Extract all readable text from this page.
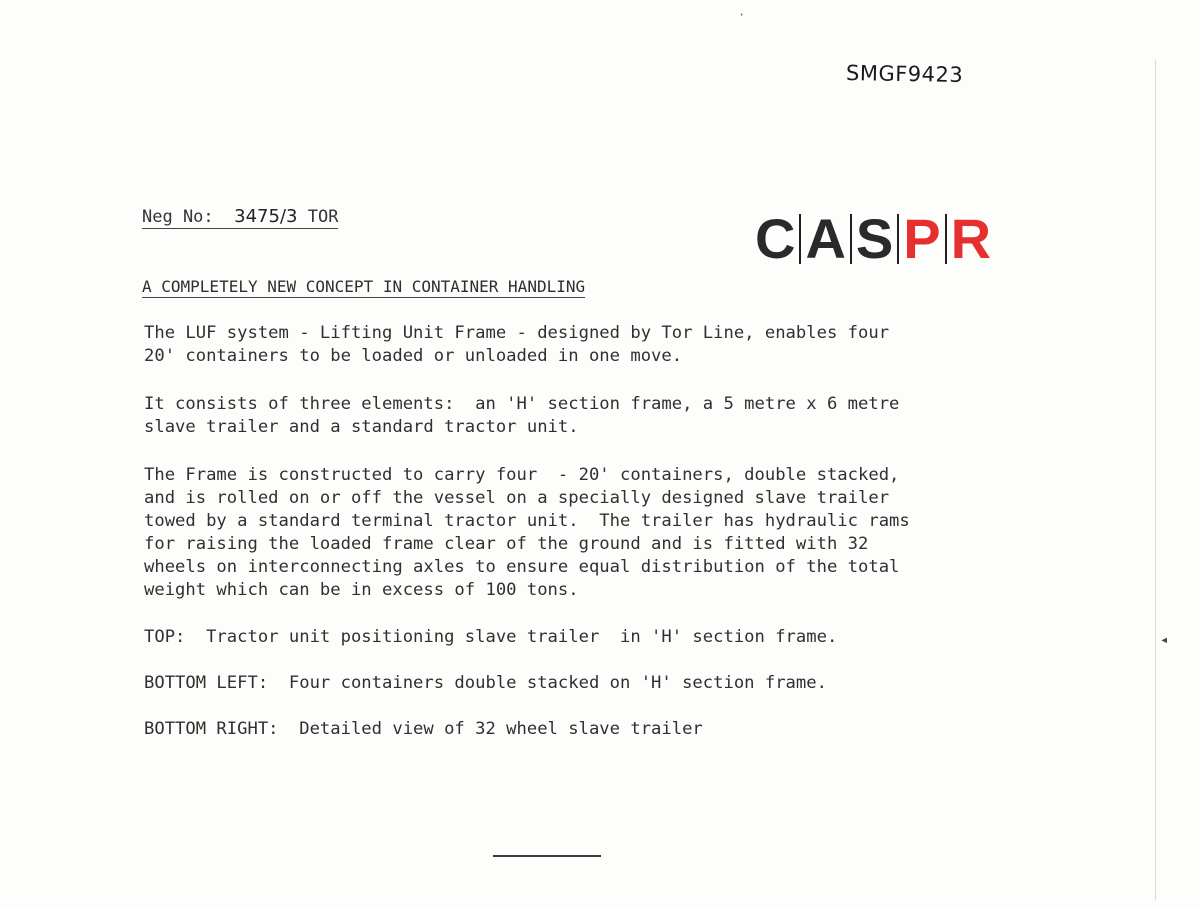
SMGF9423
Neg No: 3475/3 TOR	C A S P R
A COMPLETELY NEW CONCEPT IN CONTAINER HANDLING

The LUF system - Lifting Unit Frame - designed by Tor Line, enables four
20' containers to be loaded or unloaded in one move.

It consists of three elements:  an 'H' section frame, a 5 metre x 6 metre
slave trailer and a standard tractor unit.

The Frame is constructed to carry four  - 20' containers, double stacked,
and is rolled on or off the vessel on a specially designed slave trailer
towed by a standard terminal tractor unit.  The trailer has hydraulic rams
for raising the loaded frame clear of the ground and is fitted with 32
wheels on interconnecting axles to ensure equal distribution of the total
weight which can be in excess of 100 tons.

TOP:  Tractor unit positioning slave trailer  in 'H' section frame.

BOTTOM LEFT:  Four containers double stacked on 'H' section frame.

BOTTOM RIGHT:  Detailed view of 32 wheel slave trailer

·
◂
